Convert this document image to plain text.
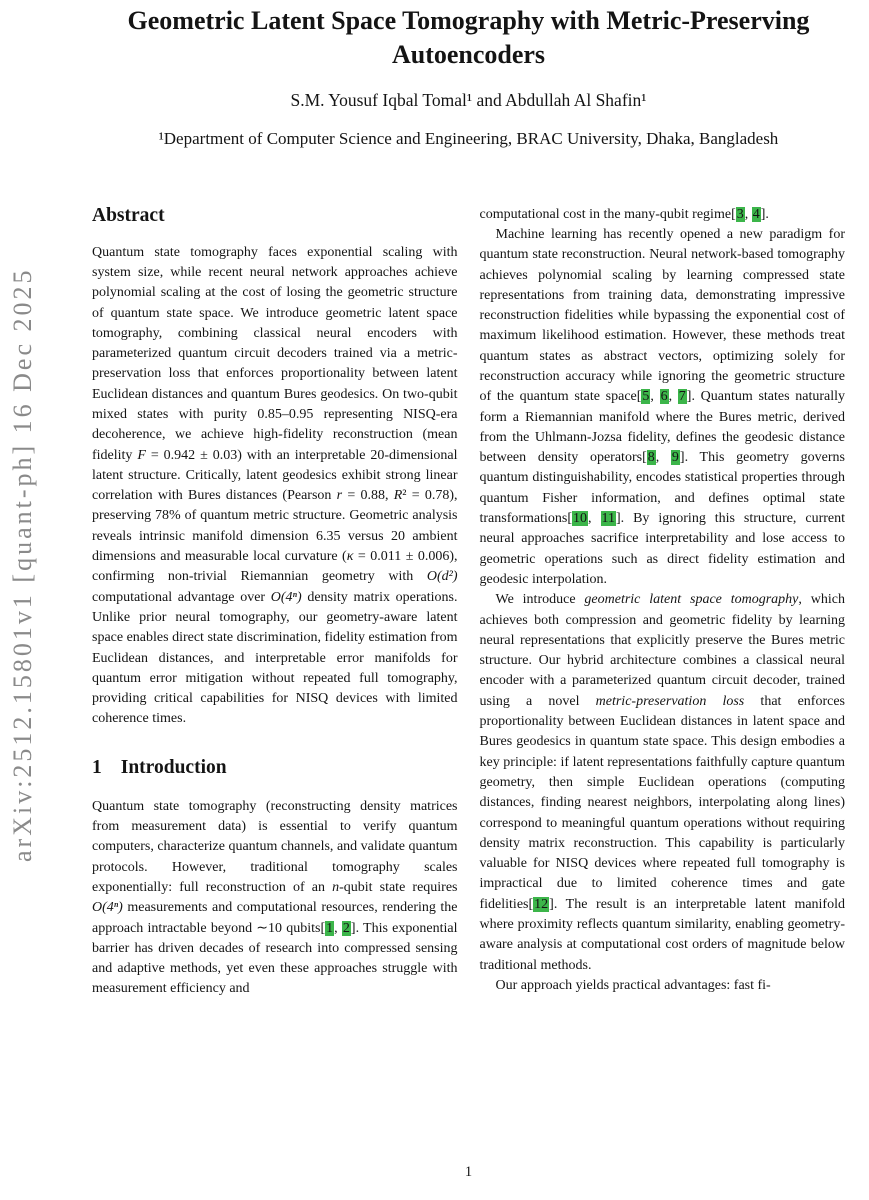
arXiv:2512.15801v1 [quant-ph] 16 Dec 2025
Geometric Latent Space Tomography with Metric-Preserving Autoencoders
S.M. Yousuf Iqbal Tomal¹ and Abdullah Al Shafin¹
¹Department of Computer Science and Engineering, BRAC University, Dhaka, Bangladesh
Abstract

Quantum state tomography faces exponential scaling with system size, while recent neural network approaches achieve polynomial scaling at the cost of losing the geometric structure of quantum state space. We introduce geometric latent space tomography, combining classical neural encoders with parameterized quantum circuit decoders trained via a metric-preservation loss that enforces proportionality between latent Euclidean distances and quantum Bures geodesics. On two-qubit mixed states with purity 0.85–0.95 representing NISQ-era decoherence, we achieve high-fidelity reconstruction (mean fidelity F = 0.942 ± 0.03) with an interpretable 20-dimensional latent structure. Critically, latent geodesics exhibit strong linear correlation with Bures distances (Pearson r = 0.88, R² = 0.78), preserving 78% of quantum metric structure. Geometric analysis reveals intrinsic manifold dimension 6.35 versus 20 ambient dimensions and measurable local curvature (κ = 0.011 ± 0.006), confirming non-trivial Riemannian geometry with O(d²) computational advantage over O(4ⁿ) density matrix operations. Unlike prior neural tomography, our geometry-aware latent space enables direct state discrimination, fidelity estimation from Euclidean distances, and interpretable error manifolds for quantum error mitigation without repeated full tomography, providing critical capabilities for NISQ devices with limited coherence times.

1 Introduction

Quantum state tomography (reconstructing density matrices from measurement data) is essential to verify quantum computers, characterize quantum channels, and validate quantum protocols. However, traditional tomography scales exponentially: full reconstruction of an n-qubit state requires O(4ⁿ) measurements and computational resources, rendering the approach intractable beyond ∼10 qubits[1, 2]. This exponential barrier has driven decades of research into compressed sensing and adaptive methods, yet even these approaches struggle with measurement efficiency and

computational cost in the many-qubit regime[3, 4].

Machine learning has recently opened a new paradigm for quantum state reconstruction. Neural network-based tomography achieves polynomial scaling by learning compressed state representations from training data, demonstrating impressive reconstruction fidelities while bypassing the exponential cost of maximum likelihood estimation. However, these methods treat quantum states as abstract vectors, optimizing solely for reconstruction accuracy while ignoring the geometric structure of the quantum state space[5, 6, 7]. Quantum states naturally form a Riemannian manifold where the Bures metric, derived from the Uhlmann-Jozsa fidelity, defines the geodesic distance between density operators[8, 9]. This geometry governs quantum distinguishability, encodes statistical properties through quantum Fisher information, and defines optimal state transformations[10, 11]. By ignoring this structure, current neural approaches sacrifice interpretability and lose access to geometric operations such as direct fidelity estimation and geodesic interpolation.

We introduce geometric latent space tomography, which achieves both compression and geometric fidelity by learning neural representations that explicitly preserve the Bures metric structure. Our hybrid architecture combines a classical neural encoder with a parameterized quantum circuit decoder, trained using a novel metric-preservation loss that enforces proportionality between Euclidean distances in latent space and Bures geodesics in quantum state space. This design embodies a key principle: if latent representations faithfully capture quantum geometry, then simple Euclidean operations (computing distances, finding nearest neighbors, interpolating along lines) correspond to meaningful quantum operations without requiring density matrix reconstruction. This capability is particularly valuable for NISQ devices where repeated full tomography is impractical due to limited coherence times and gate fidelities[12]. The result is an interpretable latent manifold where proximity reflects quantum similarity, enabling geometry-aware analysis at computational cost orders of magnitude below traditional methods.

Our approach yields practical advantages: fast fi-

1
